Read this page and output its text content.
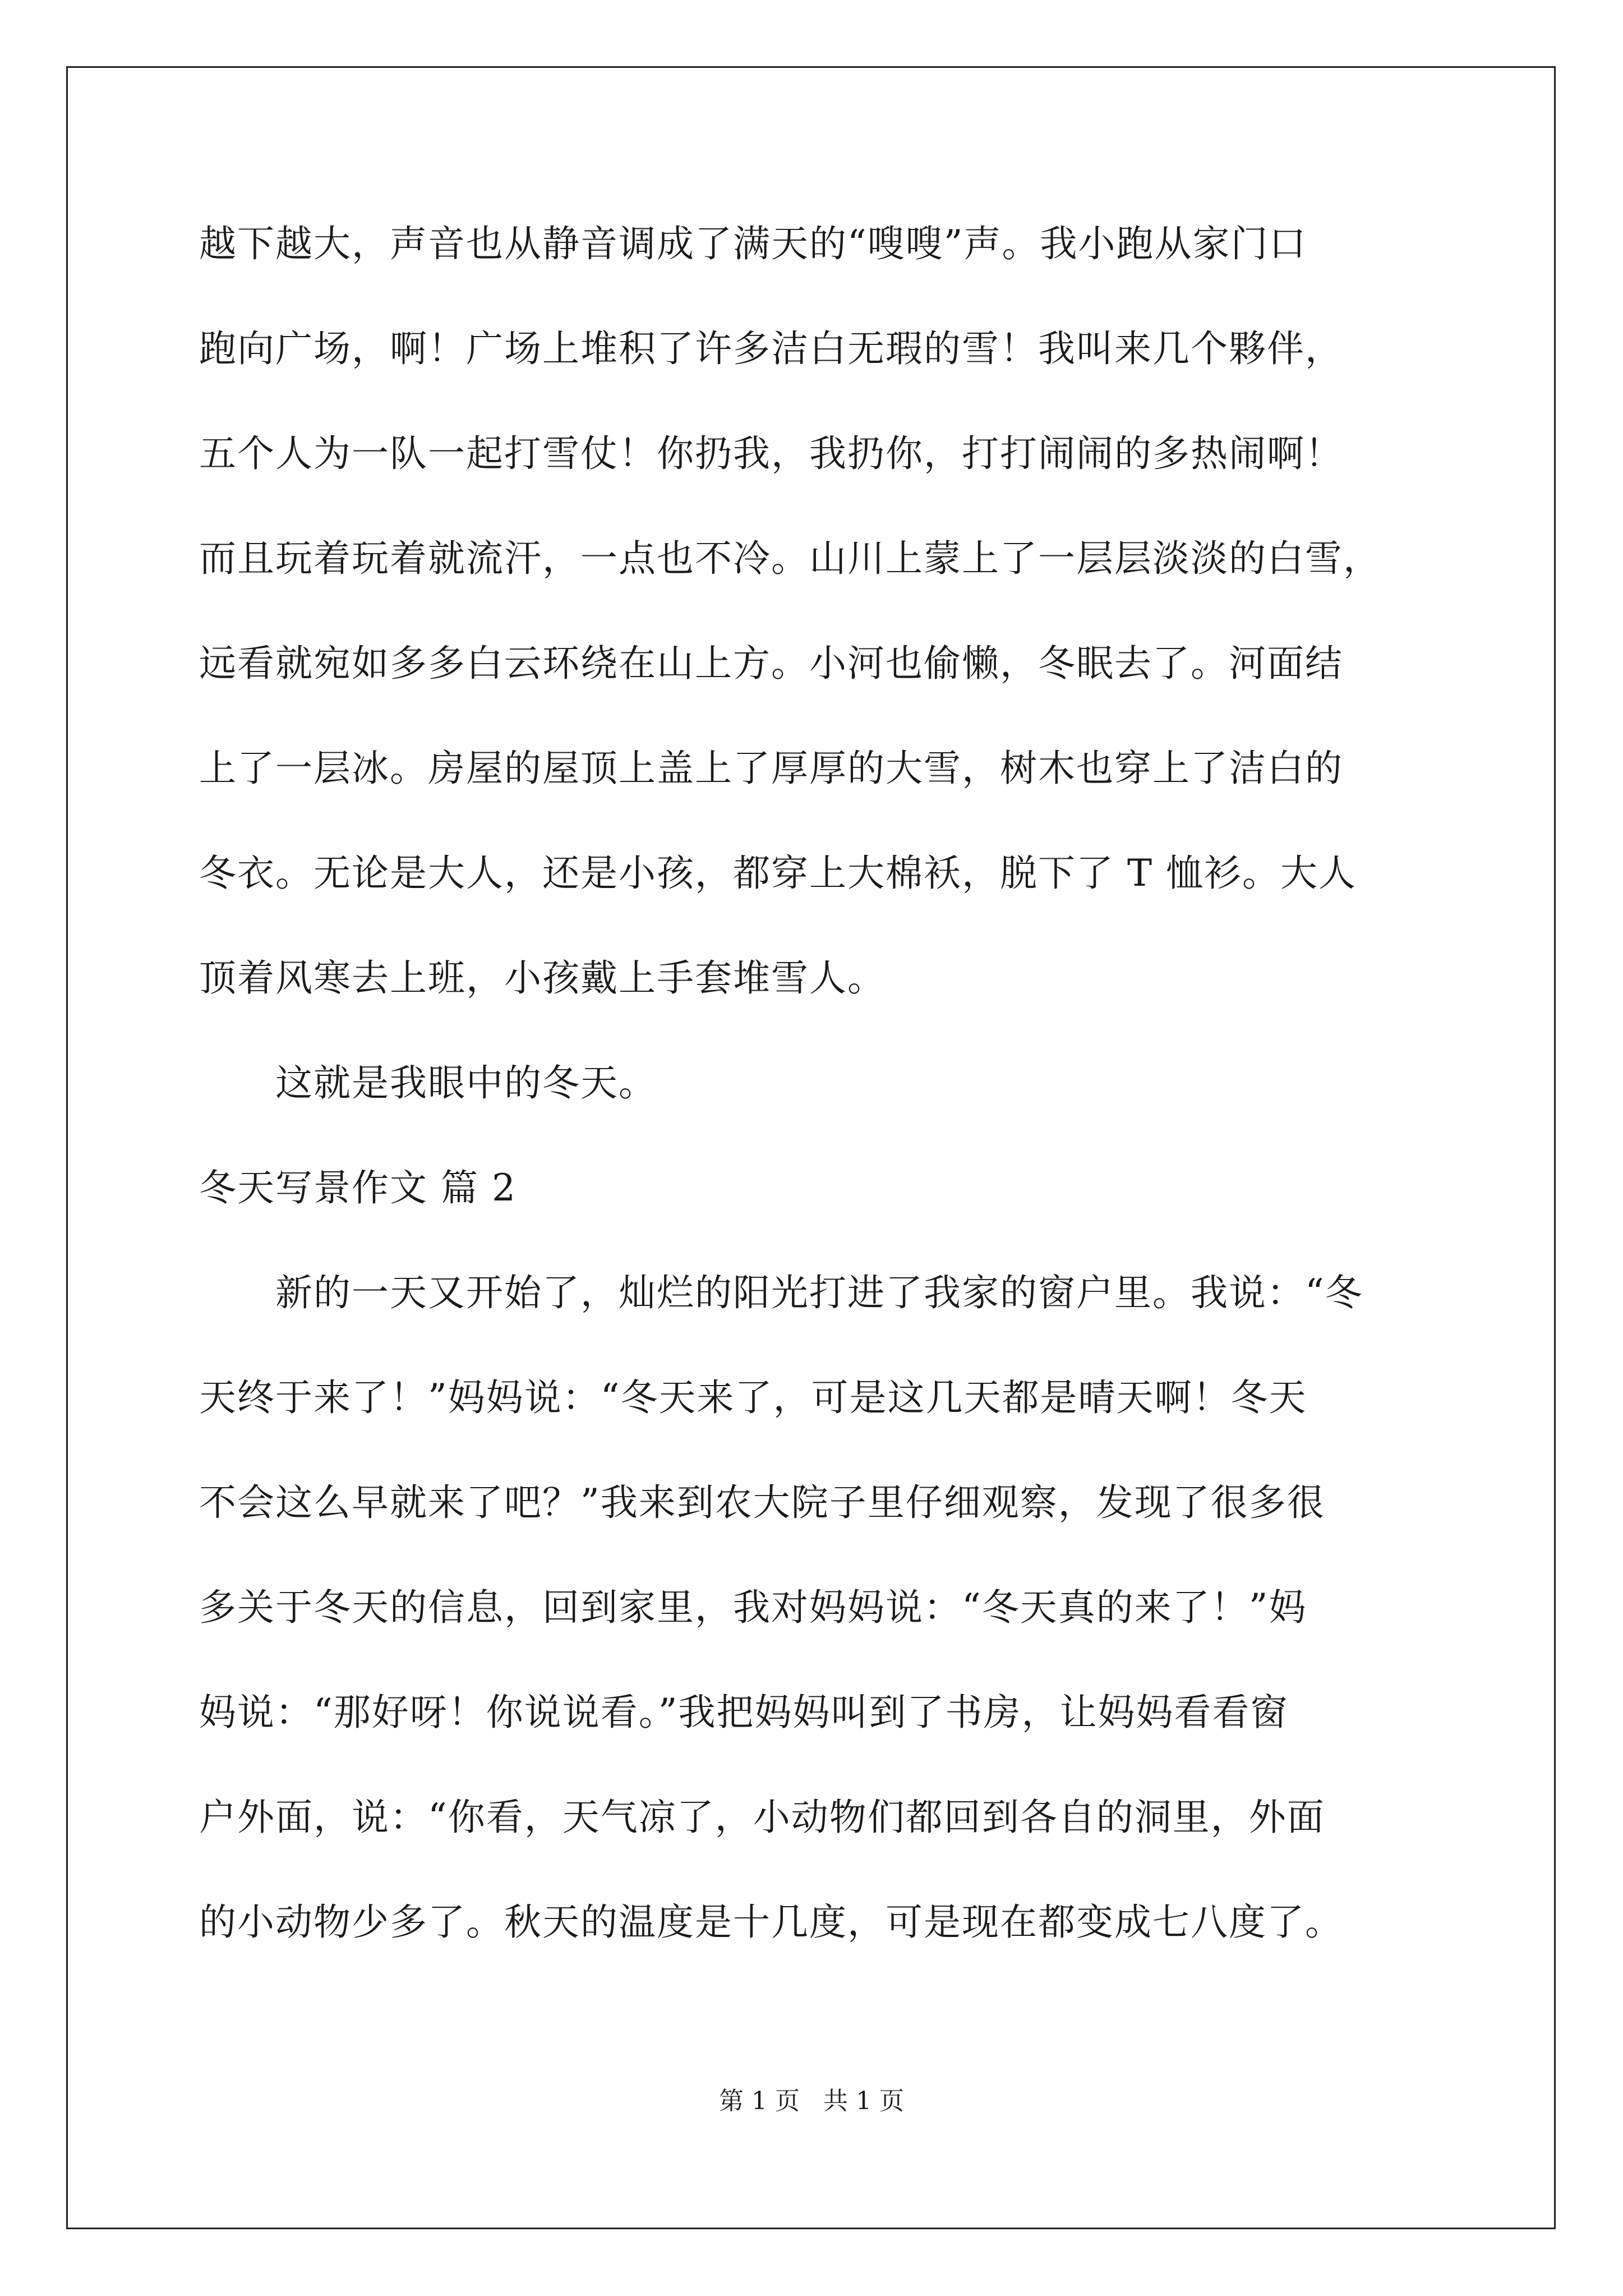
越下越大，声音也从静音调成了满天的“嗖嗖”声。我小跑从家门口
跑向广场，啊！广场上堆积了许多洁白无瑕的雪！我叫来几个夥伴，
五个人为一队一起打雪仗！你扔我，我扔你，打打闹闹的多热闹啊！
而且玩着玩着就流汗，一点也不冷。山川上蒙上了一层层淡淡的白雪，
远看就宛如多多白云环绕在山上方。小河也偷懒，冬眠去了。河面结
上了一层冰。房屋的屋顶上盖上了厚厚的大雪，树木也穿上了洁白的
冬衣。无论是大人，还是小孩，都穿上大棉袄，脱下了 T 恤衫。大人
顶着风寒去上班，小孩戴上手套堆雪人。
　　这就是我眼中的冬天。
冬天写景作文 篇 2
　　新的一天又开始了，灿烂的阳光打进了我家的窗户里。我说：“冬
天终于来了！”妈妈说：“冬天来了，可是这几天都是晴天啊！冬天
不会这么早就来了吧？”我来到农大院子里仔细观察，发现了很多很
多关于冬天的信息，回到家里，我对妈妈说：“冬天真的来了！”妈
妈说：“那好呀！你说说看。”我把妈妈叫到了书房，让妈妈看看窗
户外面，说：“你看，天气凉了，小动物们都回到各自的洞里，外面
的小动物少多了。秋天的温度是十几度，可是现在都变成七八度了。
第 1 页   共 1 页
